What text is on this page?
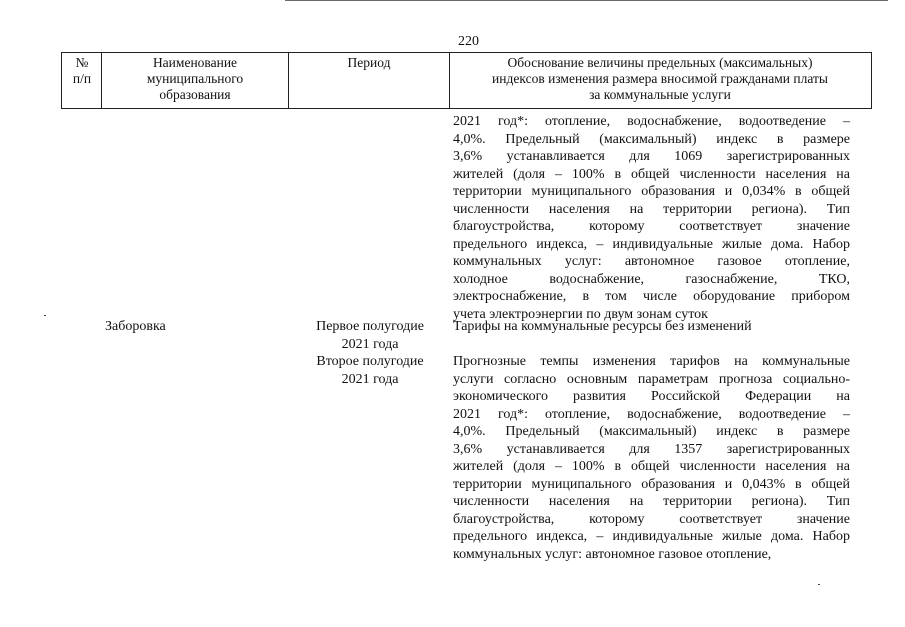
220
№
п/п
Наименование
муниципального
образования
Период	Обоснование величины предельных (максимальных)
индексов изменения размера вносимой гражданами платы
за коммунальные услуги
2021 год*: отопление, водоснабжение, водоотведение –
4,0%. Предельный (максимальный) индекс в размере
3,6% устанавливается для 1069 зарегистрированных
жителей (доля – 100% в общей численности населения на
территории муниципального образования и 0,034% в общей
численности населения на территории региона). Тип
благоустройства, которому соответствует значение
предельного индекса, – индивидуальные жилые дома. Набор
коммунальных услуг: автономное газовое отопление,
холодное водоснабжение, газоснабжение, ТКО,
электроснабжение, в том числе оборудование прибором
учета электроэнергии по двум зонам суток
Заборовка	Первое полугодие
2021 года
Тарифы на коммунальные ресурсы без изменений
Второе полугодие
2021 года
Прогнозные темпы изменения тарифов на коммунальные
услуги согласно основным параметрам прогноза социально-
экономического развития Российской Федерации на
2021 год*: отопление, водоснабжение, водоотведение –
4,0%. Предельный (максимальный) индекс в размере
3,6% устанавливается для 1357 зарегистрированных
жителей (доля – 100% в общей численности населения на
территории муниципального образования и 0,043% в общей
численности населения на территории региона). Тип
благоустройства, которому соответствует значение
предельного индекса, – индивидуальные жилые дома. Набор
коммунальных услуг: автономное газовое отопление,
